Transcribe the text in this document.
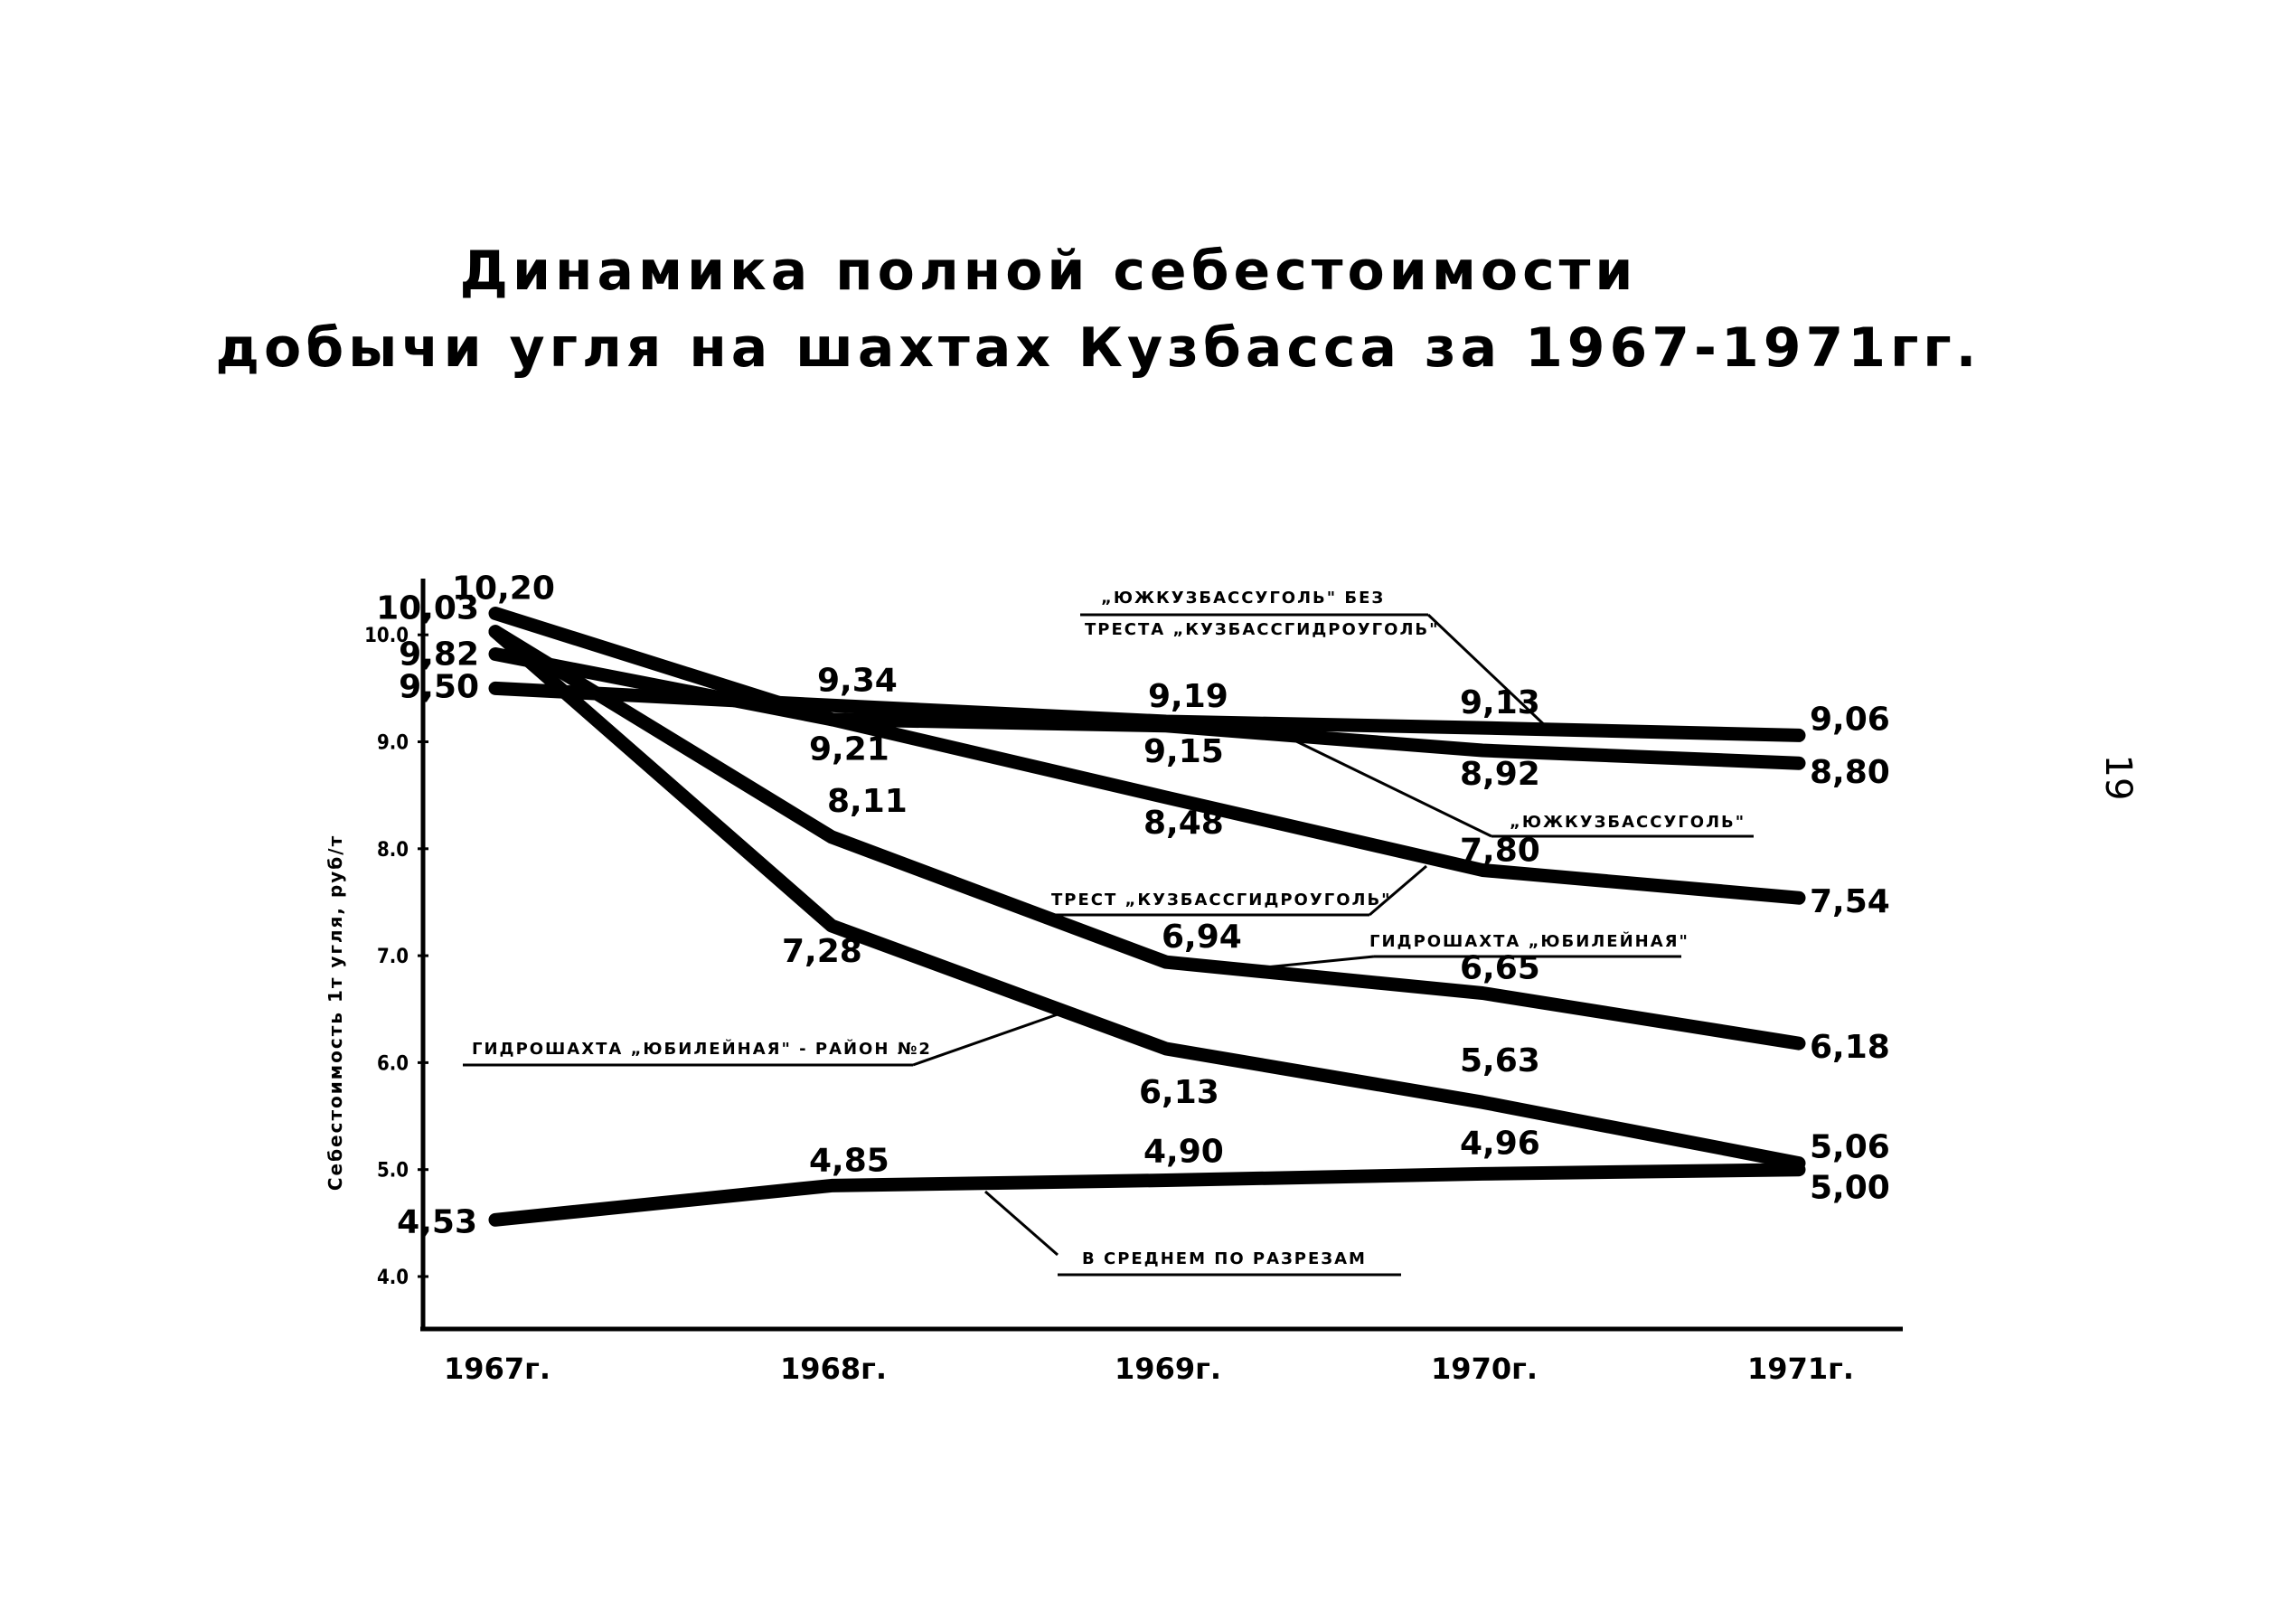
Динамика полной себестоимости
добычи угля на шахтах Кузбасса за 1967-1971гг.
19
Себестоимость 1т угля, руб/т
10.0
9.0
8.0
7.0
6.0
5.0
4.0
1967г.	1968г.	1969г.	1970г.	1971г.
9,50	9,34	9,19	9,13	9,06
9,82
9,21	9,15
8,92	8,80
10,20
8,48
7,80
7,54
10,03
8,11
6,94
6,65
6,18
7,28
6,13
5,63
5,06
4,53
4,85	4,90	4,96
5,00
„ЮЖКУЗБАССУГОЛЬ" БЕЗ
ТРЕСТА „КУЗБАССГИДРОУГОЛЬ"
„ЮЖКУЗБАССУГОЛЬ"
ТРЕСТ „КУЗБАССГИДРОУГОЛЬ"
ГИДРОШАХТА „ЮБИЛЕЙНАЯ"
ГИДРОШАХТА „ЮБИЛЕЙНАЯ" - РАЙОН №2
В СРЕДНЕМ ПО РАЗРЕЗАМ
